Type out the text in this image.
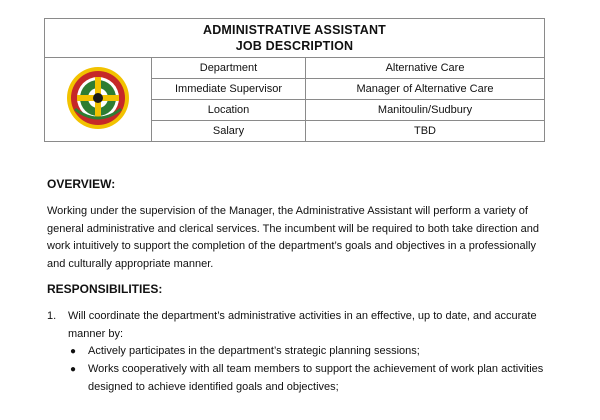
ADMINISTRATIVE ASSISTANT
JOB DESCRIPTION		

	Department	Alternative Care
	Immediate Supervisor	Manager of Alternative Care
	Location	Manitoulin/Sudbury
	Salary	TBD
OVERVIEW:
Working under the supervision of the Manager, the Administrative Assistant will perform a variety of general administrative and clerical services. The incumbent will be required to both take direction and work intuitively to support the completion of the department’s goals and objectives in a professionally and culturally appropriate manner.
RESPONSIBILITIES:
1. Will coordinate the department’s administrative activities in an effective, up to date, and accurate manner by:
● Actively participates in the department’s strategic planning sessions;
● Works cooperatively with all team members to support the achievement of work plan activities designed to achieve identified goals and objectives;
